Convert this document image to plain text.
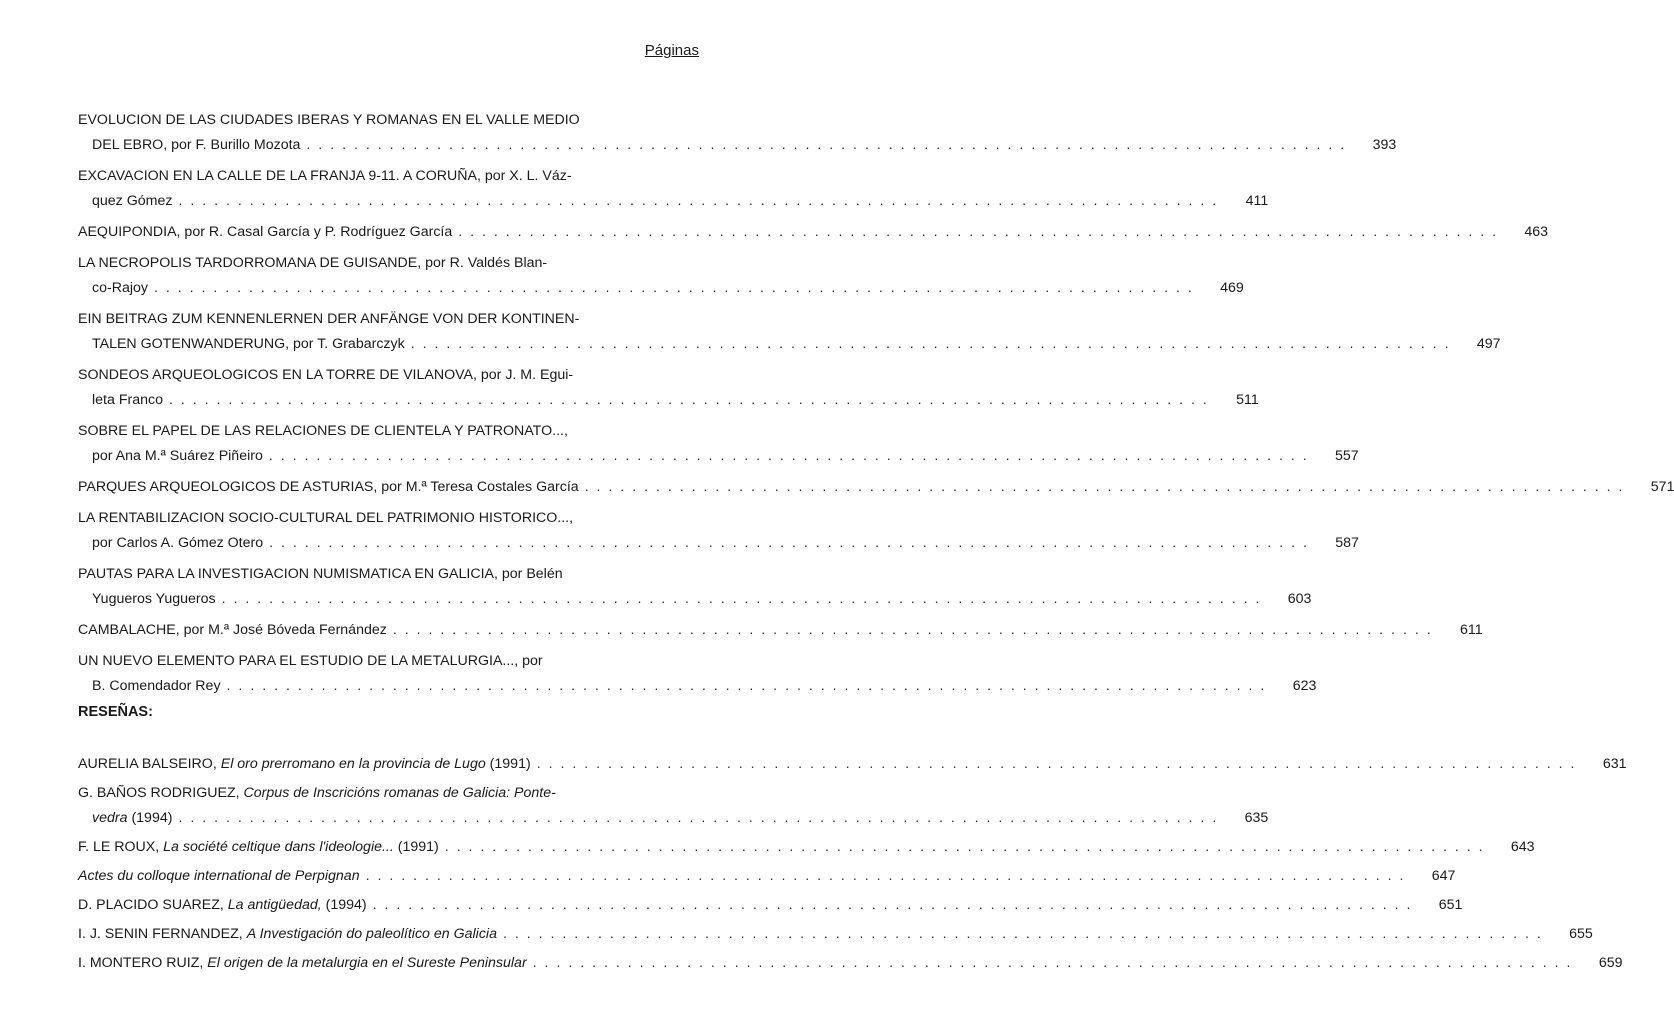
Páginas
EVOLUCION DE LAS CIUDADES IBERAS Y ROMANAS EN EL VALLE MEDIO
DEL EBRO, por F. Burillo Mozota . . . . . . . . . . . . . . . . . . . . . . . . . . . . . . . . . . . . . . . . . . . . . . . . . . . . . . . . . . . . . . . . . . . . . . . . . . . . . . . . . . . . . . . .	393
EXCAVACION EN LA CALLE DE LA FRANJA 9-11. A CORUÑA, por X. L. Váz-
quez Gómez . . . . . . . . . . . . . . . . . . . . . . . . . . . . . . . . . . . . . . . . . . . . . . . . . . . . . . . . . . . . . . . . . . . . . . . . . . . . . . . . . . . . . . . .	411
AEQUIPONDIA, por R. Casal García y P. Rodríguez García . . . . . . . . . . . . . . . . . . . . . . . . . . . . . . . . . . . . . . . . . . . . . . . . . . . . . . . . . . . . . . . . . . . . . . . . . . . . . . . . . . . . . . . .	463
LA NECROPOLIS TARDORROMANA DE GUISANDE, por R. Valdés Blan-
co-Rajoy . . . . . . . . . . . . . . . . . . . . . . . . . . . . . . . . . . . . . . . . . . . . . . . . . . . . . . . . . . . . . . . . . . . . . . . . . . . . . . . . . . . . . . . .	469
EIN BEITRAG ZUM KENNENLERNEN DER ANFÄNGE VON DER KONTINEN-
TALEN GOTENWANDERUNG, por T. Grabarczyk . . . . . . . . . . . . . . . . . . . . . . . . . . . . . . . . . . . . . . . . . . . . . . . . . . . . . . . . . . . . . . . . . . . . . . . . . . . . . . . . . . . . . . . .	497
SONDEOS ARQUEOLOGICOS EN LA TORRE DE VILANOVA, por J. M. Egui-
leta Franco . . . . . . . . . . . . . . . . . . . . . . . . . . . . . . . . . . . . . . . . . . . . . . . . . . . . . . . . . . . . . . . . . . . . . . . . . . . . . . . . . . . . . . . .	511
SOBRE EL PAPEL DE LAS RELACIONES DE CLIENTELA Y PATRONATO...,
por Ana M.ª Suárez Piñeiro . . . . . . . . . . . . . . . . . . . . . . . . . . . . . . . . . . . . . . . . . . . . . . . . . . . . . . . . . . . . . . . . . . . . . . . . . . . . . . . . . . . . . . . .	557
PARQUES ARQUEOLOGICOS DE ASTURIAS, por M.ª Teresa Costales García . . . . . . . . . . . . . . . . . . . . . . . . . . . . . . . . . . . . . . . . . . . . . . . . . . . . . . . . . . . . . . . . . . . . . . . . . . . . . . . . . . . . . . . .	571
LA RENTABILIZACION SOCIO-CULTURAL DEL PATRIMONIO HISTORICO...,
por Carlos A. Gómez Otero . . . . . . . . . . . . . . . . . . . . . . . . . . . . . . . . . . . . . . . . . . . . . . . . . . . . . . . . . . . . . . . . . . . . . . . . . . . . . . . . . . . . . . . .	587
PAUTAS PARA LA INVESTIGACION NUMISMATICA EN GALICIA, por Belén
Yugueros Yugueros . . . . . . . . . . . . . . . . . . . . . . . . . . . . . . . . . . . . . . . . . . . . . . . . . . . . . . . . . . . . . . . . . . . . . . . . . . . . . . . . . . . . . . . .	603
CAMBALACHE, por M.ª José Bóveda Fernández . . . . . . . . . . . . . . . . . . . . . . . . . . . . . . . . . . . . . . . . . . . . . . . . . . . . . . . . . . . . . . . . . . . . . . . . . . . . . . . . . . . . . . . .	611
UN NUEVO ELEMENTO PARA EL ESTUDIO DE LA METALURGIA..., por
B. Comendador Rey . . . . . . . . . . . . . . . . . . . . . . . . . . . . . . . . . . . . . . . . . . . . . . . . . . . . . . . . . . . . . . . . . . . . . . . . . . . . . . . . . . . . . . . .	623
RESEÑAS:
AURELIA BALSEIRO, El oro prerromano en la provincia de Lugo (1991) . . . . . . . . . . . . . . . . . . . . . . . . . . . . . . . . . . . . . . . . . . . . . . . . . . . . . . . . . . . . . . . . . . . . . . . . . . . . . . . . . . . . . . . .	631
G. BAÑOS RODRIGUEZ, Corpus de Inscricións romanas de Galicia: Ponte-
vedra (1994) . . . . . . . . . . . . . . . . . . . . . . . . . . . . . . . . . . . . . . . . . . . . . . . . . . . . . . . . . . . . . . . . . . . . . . . . . . . . . . . . . . . . . . . .	635
F. LE ROUX, La société celtique dans l'ideologie... (1991) . . . . . . . . . . . . . . . . . . . . . . . . . . . . . . . . . . . . . . . . . . . . . . . . . . . . . . . . . . . . . . . . . . . . . . . . . . . . . . . . . . . . . . . .	643
Actes du colloque international de Perpignan . . . . . . . . . . . . . . . . . . . . . . . . . . . . . . . . . . . . . . . . . . . . . . . . . . . . . . . . . . . . . . . . . . . . . . . . . . . . . . . . . . . . . . . .	647
D. PLACIDO SUAREZ, La antigüedad, (1994) . . . . . . . . . . . . . . . . . . . . . . . . . . . . . . . . . . . . . . . . . . . . . . . . . . . . . . . . . . . . . . . . . . . . . . . . . . . . . . . . . . . . . . . .	651
I. J. SENIN FERNANDEZ, A Investigación do paleolítico en Galicia . . . . . . . . . . . . . . . . . . . . . . . . . . . . . . . . . . . . . . . . . . . . . . . . . . . . . . . . . . . . . . . . . . . . . . . . . . . . . . . . . . . . . . . .	655
I. MONTERO RUIZ, El origen de la metalurgia en el Sureste Peninsular . . . . . . . . . . . . . . . . . . . . . . . . . . . . . . . . . . . . . . . . . . . . . . . . . . . . . . . . . . . . . . . . . . . . . . . . . . . . . . . . . . . . . . . .	659
